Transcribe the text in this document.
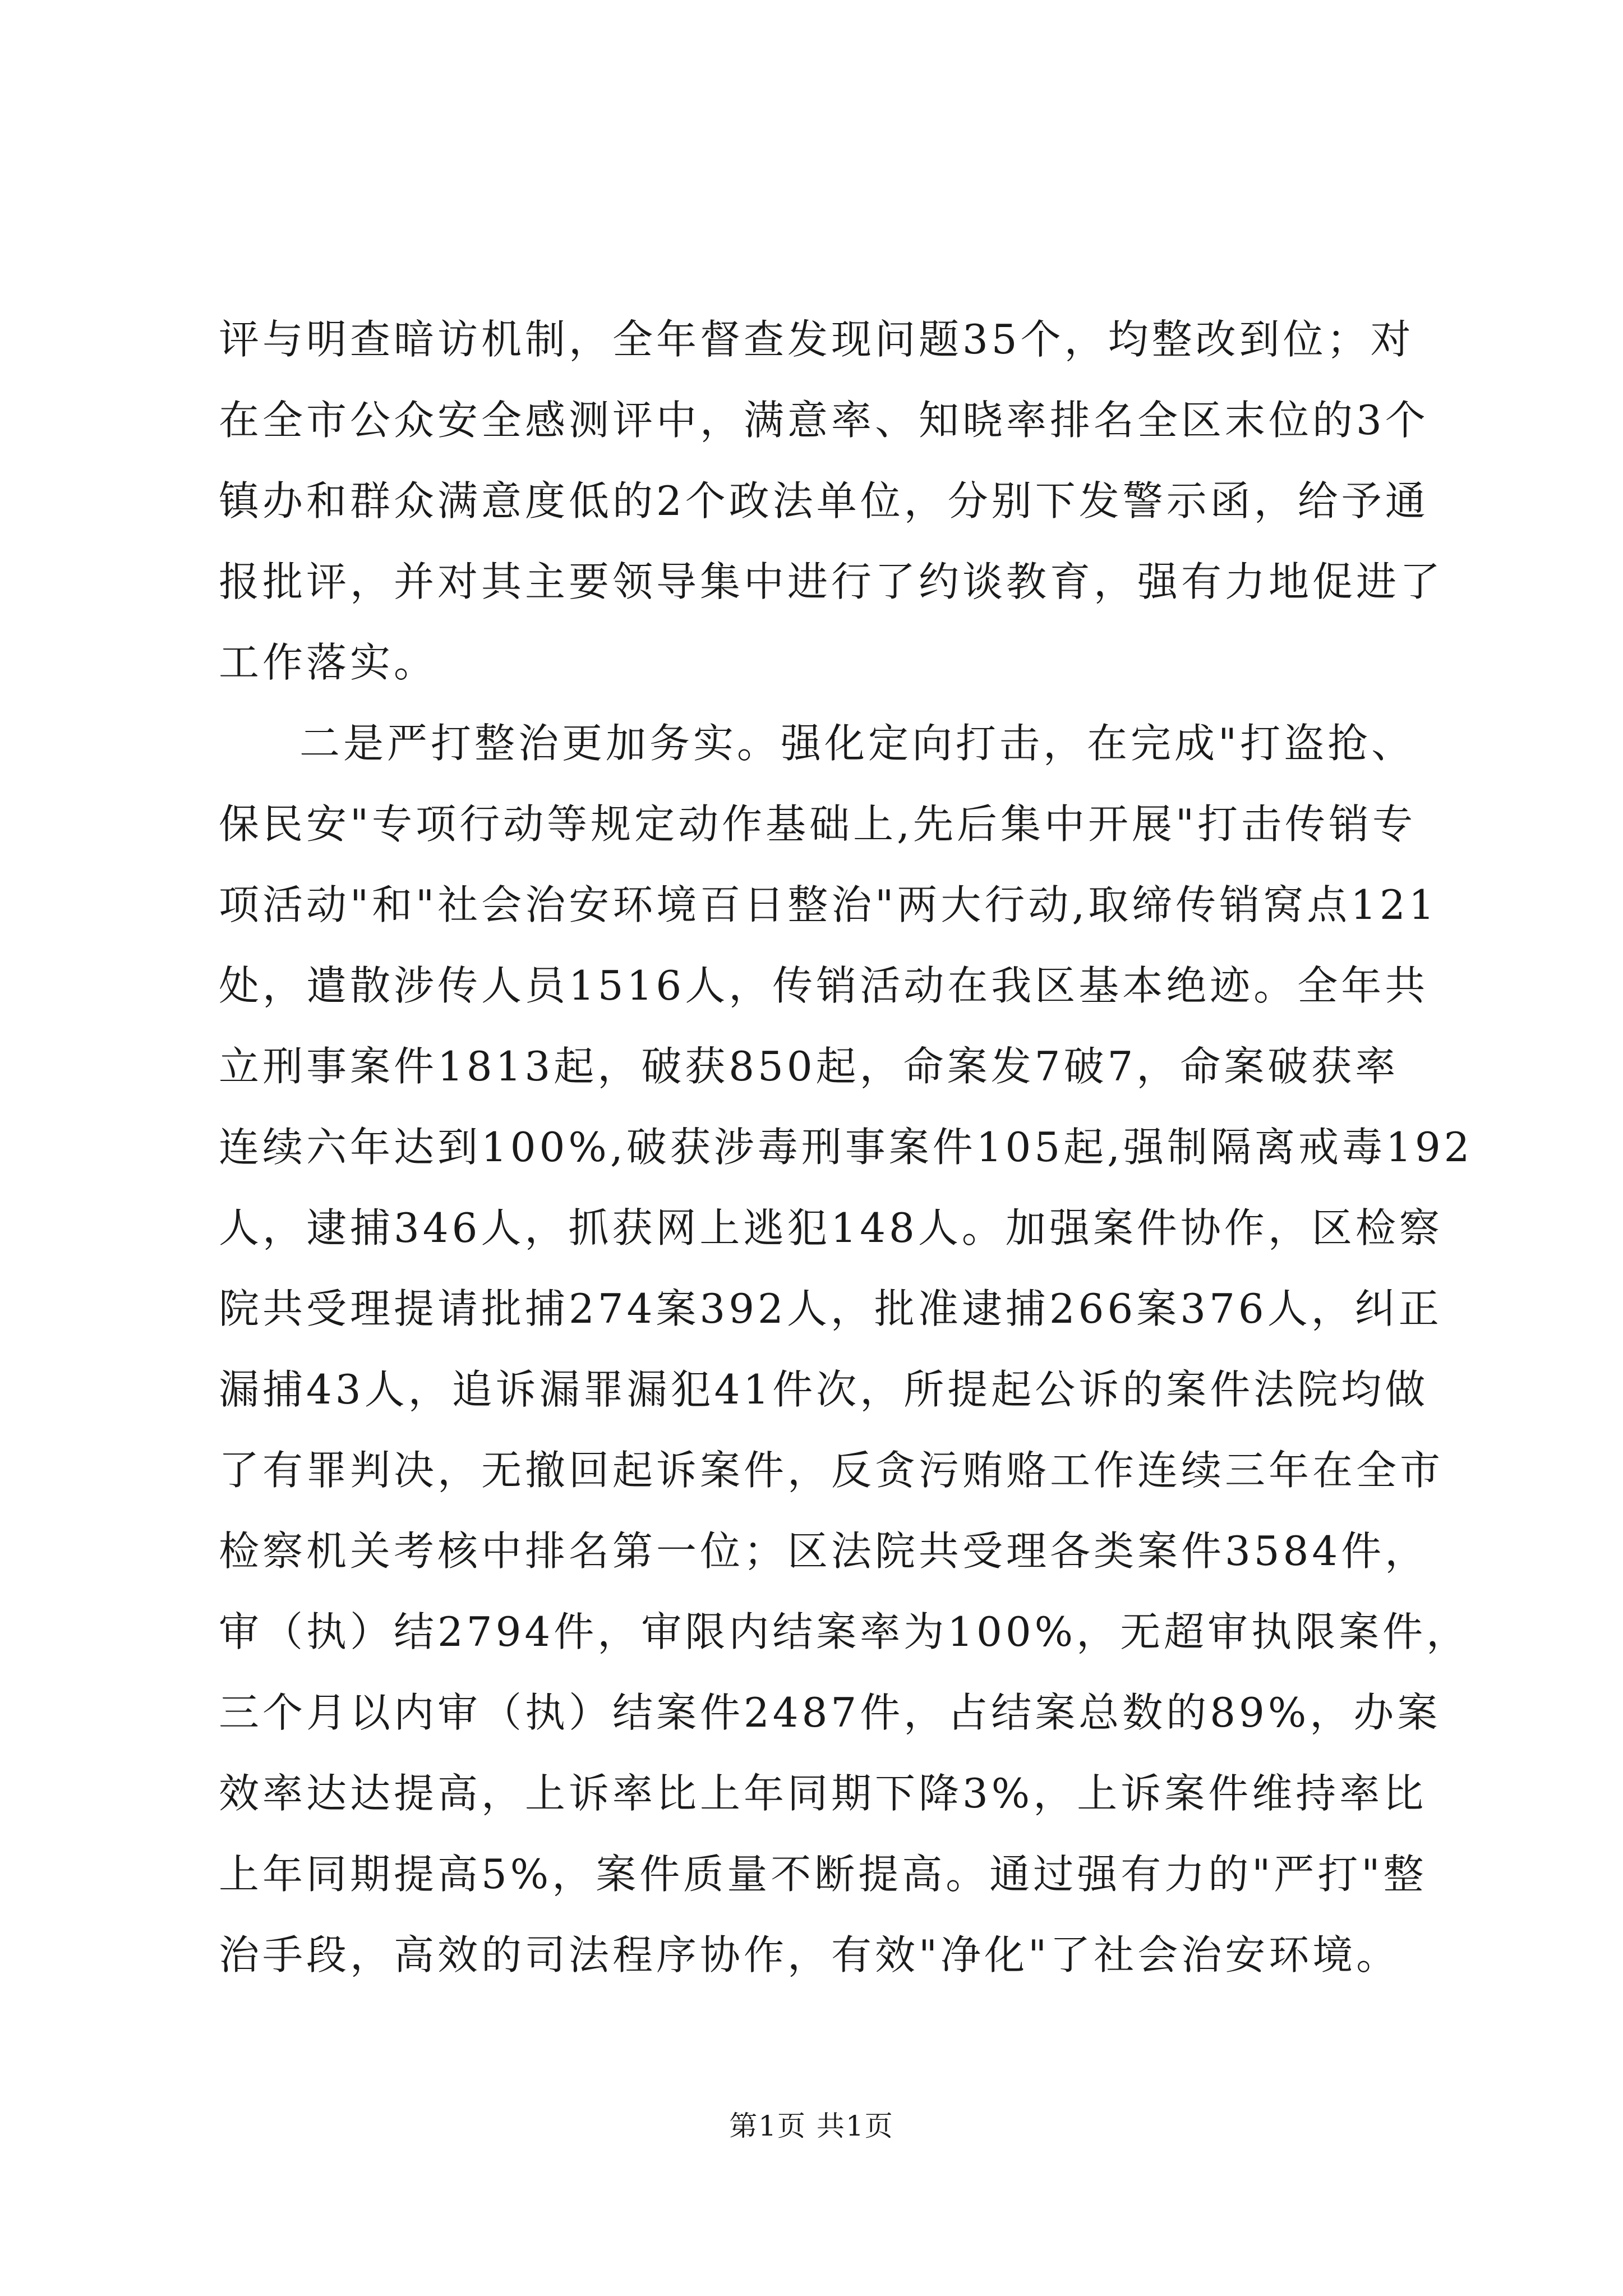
评与明查暗访机制，全年督查发现问题35个，均整改到位；对
在全市公众安全感测评中，满意率、知晓率排名全区末位的3个
镇办和群众满意度低的2个政法单位，分别下发警示函，给予通
报批评，并对其主要领导集中进行了约谈教育，强有力地促进了
工作落实。
二是严打整治更加务实。强化定向打击，在完成"打盗抢、
保民安"专项行动等规定动作基础上,先后集中开展"打击传销专
项活动"和"社会治安环境百日整治"两大行动,取缔传销窝点121
处，遣散涉传人员1516人，传销活动在我区基本绝迹。全年共
立刑事案件1813起，破获850起，命案发7破7，命案破获率
连续六年达到100%,破获涉毒刑事案件105起,强制隔离戒毒192
人，逮捕346人，抓获网上逃犯148人。加强案件协作，区检察
院共受理提请批捕274案392人，批准逮捕266案376人，纠正
漏捕43人，追诉漏罪漏犯41件次，所提起公诉的案件法院均做
了有罪判决，无撤回起诉案件，反贪污贿赂工作连续三年在全市
检察机关考核中排名第一位；区法院共受理各类案件3584件，
审（执）结2794件，审限内结案率为100%，无超审执限案件，
三个月以内审（执）结案件2487件，占结案总数的89%，办案
效率达达提高，上诉率比上年同期下降3%，上诉案件维持率比
上年同期提高5%，案件质量不断提高。通过强有力的"严打"整
治手段，高效的司法程序协作，有效"净化"了社会治安环境。
第1页 共1页
